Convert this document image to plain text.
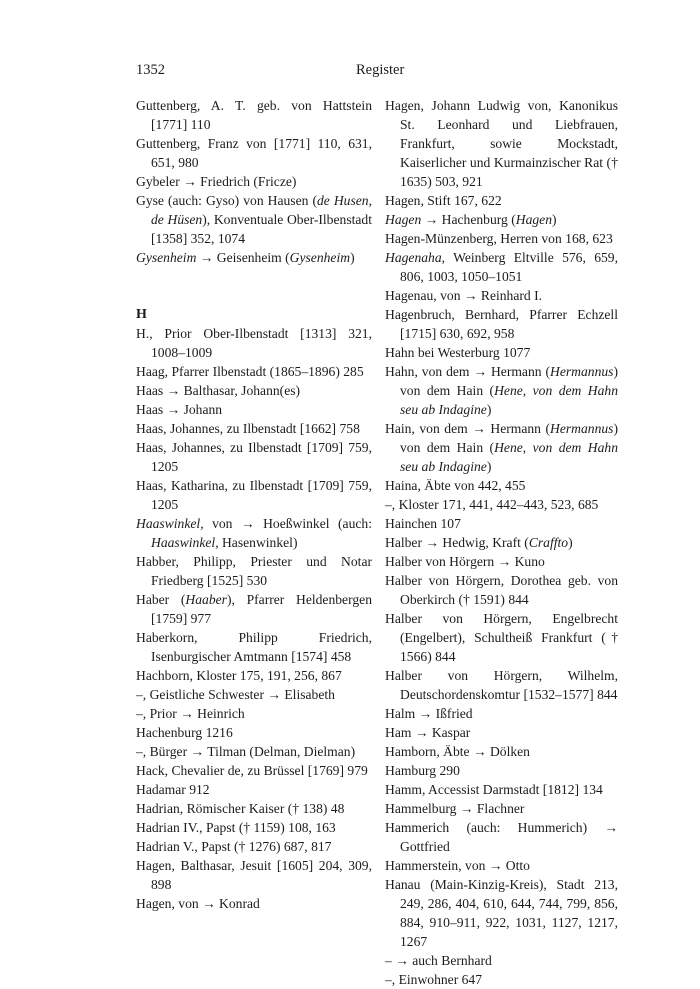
1352	Register
Guttenberg, A. T. geb. von Hattstein [1771] 110
Guttenberg, Franz von [1771] 110, 631, 651, 980
Gybeler → Friedrich (Fricze)
Gyse (auch: Gyso) von Hausen (de Husen, de Hüsen), Konventuale Ober-Ilbenstadt [1358] 352, 1074
Gysenheim → Geisenheim (Gysenheim)
H
H., Prior Ober-Ilbenstadt [1313] 321, 1008–1009
Haag, Pfarrer Ilbenstadt (1865–1896) 285
Haas → Balthasar, Johann(es)
Haas → Johann
Haas, Johannes, zu Ilbenstadt [1662] 758
Haas, Johannes, zu Ilbenstadt [1709] 759, 1205
Haas, Katharina, zu Ilbenstadt [1709] 759, 1205
Haaswinkel, von → Hoeßwinkel (auch: Haaswinkel, Hasenwinkel)
Habber, Philipp, Priester und Notar Friedberg [1525] 530
Haber (Haaber), Pfarrer Heldenbergen [1759] 977
Haberkorn, Philipp Friedrich, Isenburgischer Amtmann [1574] 458
Hachborn, Kloster 175, 191, 256, 867
–, Geistliche Schwester → Elisabeth
–, Prior → Heinrich
Hachenburg 1216
–, Bürger → Tilman (Delman, Dielman)
Hack, Chevalier de, zu Brüssel [1769] 979
Hadamar 912
Hadrian, Römischer Kaiser († 138) 48
Hadrian IV., Papst († 1159) 108, 163
Hadrian V., Papst († 1276) 687, 817
Hagen, Balthasar, Jesuit [1605] 204, 309, 898
Hagen, von → Konrad
Hagen, Johann Ludwig von, Kanonikus St. Leonhard und Liebfrauen, Frankfurt, sowie Mockstadt, Kaiserlicher und Kurmainzischer Rat († 1635) 503, 921
Hagen, Stift 167, 622
Hagen → Hachenburg (Hagen)
Hagen-Münzenberg, Herren von 168, 623
Hagenaha, Weinberg Eltville 576, 659, 806, 1003, 1050–1051
Hagenau, von → Reinhard I.
Hagenbruch, Bernhard, Pfarrer Echzell [1715] 630, 692, 958
Hahn bei Westerburg 1077
Hahn, von dem → Hermann (Hermannus) von dem Hain (Hene, von dem Hahn seu ab Indagine)
Hain, von dem → Hermann (Hermannus) von dem Hain (Hene, von dem Hahn seu ab Indagine)
Haina, Äbte von 442, 455
–, Kloster 171, 441, 442–443, 523, 685
Hainchen 107
Halber → Hedwig, Kraft (Craffto)
Halber von Hörgern → Kuno
Halber von Hörgern, Dorothea geb. von Oberkirch († 1591) 844
Halber von Hörgern, Engelbrecht (Engelbert), Schultheiß Frankfurt († 1566) 844
Halber von Hörgern, Wilhelm, Deutschordenskomtur [1532–1577] 844
Halm → Ißfried
Ham → Kaspar
Hamborn, Äbte → Dölken
Hamburg 290
Hamm, Accessist Darmstadt [1812] 134
Hammelburg → Flachner
Hammerich (auch: Hummerich) → Gottfried
Hammerstein, von → Otto
Hanau (Main-Kinzig-Kreis), Stadt 213, 249, 286, 404, 610, 644, 744, 799, 856, 884, 910–911, 922, 1031, 1127, 1217, 1267
– → auch Bernhard
–, Einwohner 647
